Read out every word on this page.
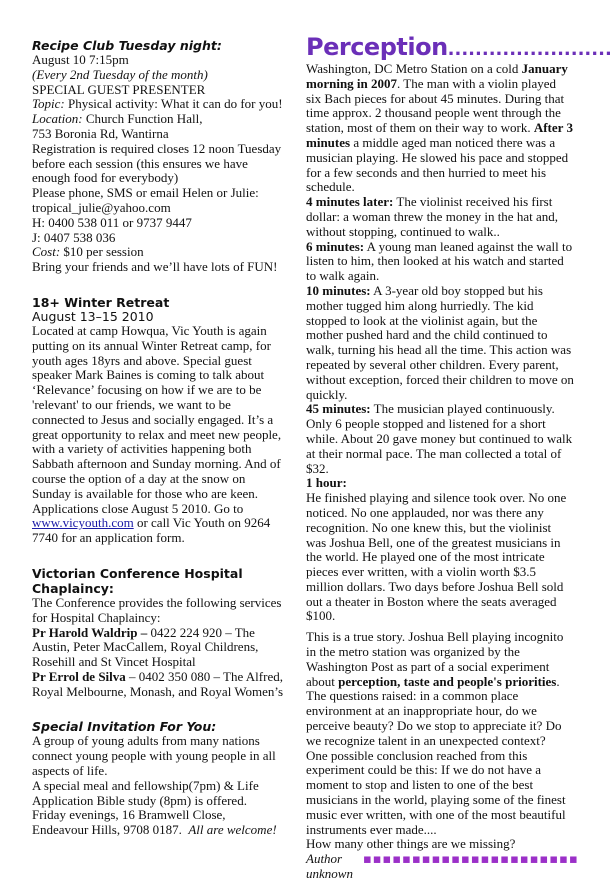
Recipe Club Tuesday night:

August 10 7:15pm

(Every 2nd Tuesday of the month)

SPECIAL GUEST PRESENTER

Topic: Physical activity: What it can do for you!

Location: Church Function Hall,

753 Boronia Rd, Wantirna

Registration is required closes 12 noon Tuesday before each session (this ensures we have enough food for everybody)

Please phone, SMS or email Helen or Julie:

tropical_julie@yahoo.com

H: 0400 538 011 or 9737 9447

J: 0407 538 036

Cost: $10 per session

Bring your friends and we’ll have lots of FUN!

18+ Winter Retreat

August 13–15 2010

Located at camp Howqua, Vic Youth is again putting on its annual Winter Retreat camp, for youth ages 18yrs and above. Special guest speaker Mark Baines is coming to talk about ‘Relevance’ focusing on how if we are to be 'relevant' to our friends, we want to be connected to Jesus and socially engaged. It’s a great opportunity to relax and meet new people, with a variety of activities happening both Sabbath afternoon and Sunday morning. And of course the option of a day at the snow on Sunday is available for those who are keen. Applications close August 5 2010. Go to www.vicyouth.com or call Vic Youth on 9264 7740 for an application form.

Victorian Conference Hospital Chaplaincy:

The Conference provides the following services for Hospital Chaplaincy:

Pr Harold Waldrip – 0422 224 920 – The Austin, Peter MacCallem, Royal Childrens, Rosehill and St Vincet Hospital

Pr Errol de Silva – 0402 350 080 – The Alfred, Royal Melbourne, Monash, and Royal Women’s

Special Invitation For You:

A group of young adults from many nations connect young people with young people in all aspects of life.

A special meal and fellowship(7pm) & Life Application Bible study (8pm) is offered.

Friday evenings, 16 Bramwell Close, Endeavour Hills, 9708 0187. All are welcome!

Perception ........................

Washington, DC Metro Station on a cold January morning in 2007. The man with a violin played six Bach pieces for about 45 minutes. During that time approx. 2 thousand people went through the station, most of them on their way to work. After 3 minutes a middle aged man noticed there was a musician playing. He slowed his pace and stopped for a few seconds and then hurried to meet his schedule.

4 minutes later: The violinist received his first dollar: a woman threw the money in the hat and, without stopping, continued to walk..

6 minutes: A young man leaned against the wall to listen to him, then looked at his watch and started to walk again.

10 minutes: A 3-year old boy stopped but his mother tugged him along hurriedly. The kid stopped to look at the violinist again, but the mother pushed hard and the child continued to walk, turning his head all the time. This action was repeated by several other children. Every parent, without exception, forced their children to move on quickly.

45 minutes: The musician played continuously. Only 6 people stopped and listened for a short while. About 20 gave money but continued to walk at their normal pace. The man collected a total of $32.

1 hour:

He finished playing and silence took over. No one noticed. No one applauded, nor was there any recognition. No one knew this, but the violinist was Joshua Bell, one of the greatest musicians in the world. He played one of the most intricate pieces ever written, with a violin worth $3.5 million dollars. Two days before Joshua Bell sold out a theater in Boston where the seats averaged $100.

This is a true story. Joshua Bell playing incognito in the metro station was organized by the Washington Post as part of a social experiment about perception, taste and people's priorities.

The questions raised: in a common place environment at an inappropriate hour, do we perceive beauty? Do we stop to appreciate it? Do we recognize talent in an unexpected context?

One possible conclusion reached from this experiment could be this: If we do not have a moment to stop and listen to one of the best musicians in the world, playing some of the finest music ever written, with one of the most beautiful instruments ever made....

How many other things are we missing?

Author unknown
▪▪▪▪▪▪▪▪▪▪▪▪▪▪▪▪▪▪▪▪▪▪
